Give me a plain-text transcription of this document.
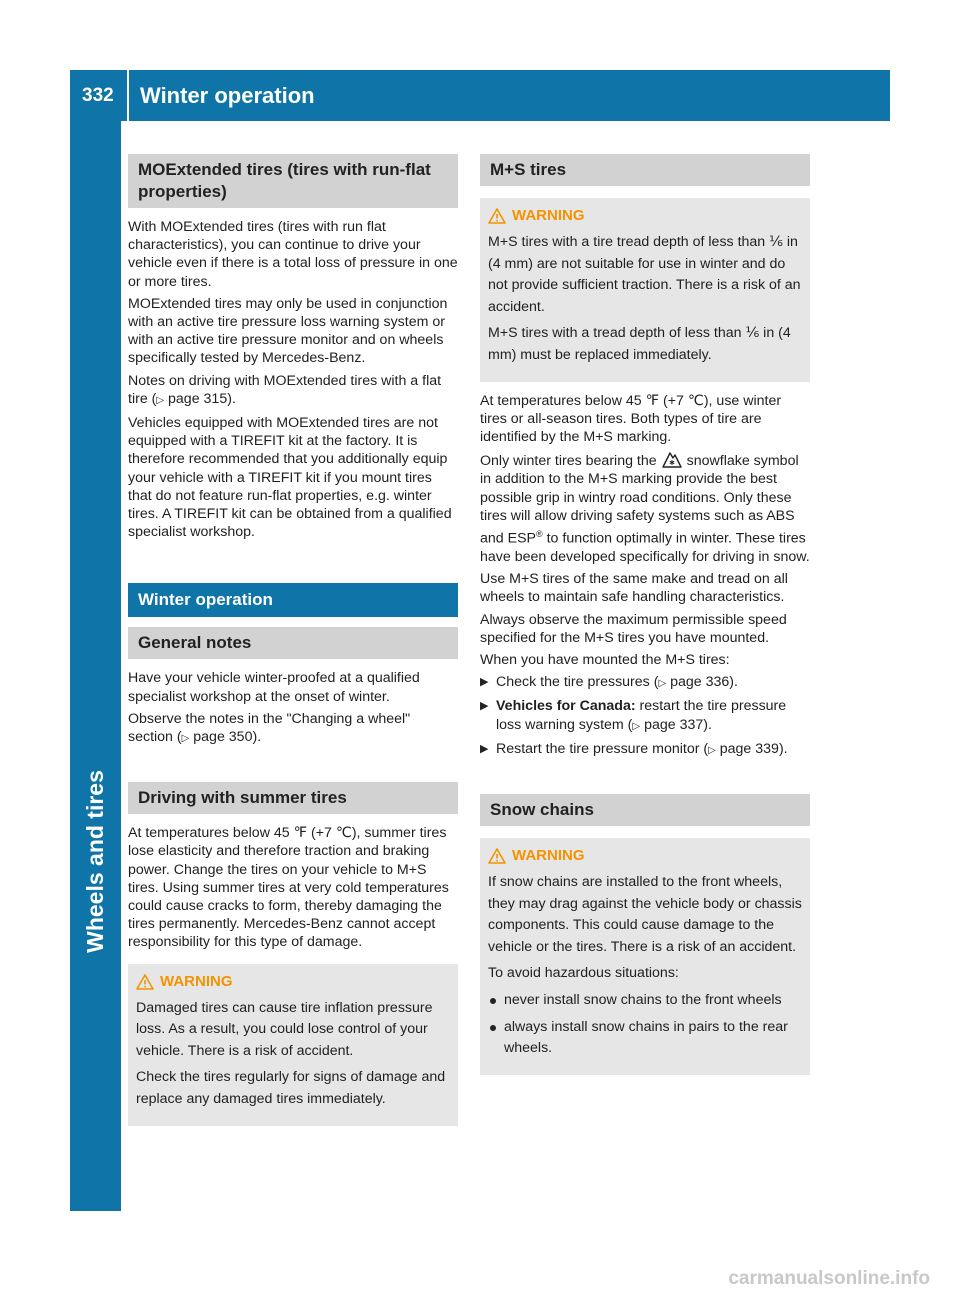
332 Winter operation
Wheels and tires
MOExtended tires (tires with run-flat properties)

With MOExtended tires (tires with run flat characteristics), you can continue to drive your vehicle even if there is a total loss of pressure in one or more tires.

MOExtended tires may only be used in conjunction with an active tire pressure loss warning system or with an active tire pressure monitor and on wheels specifically tested by Mercedes-Benz.

Notes on driving with MOExtended tires with a flat tire (▷ page 315).

Vehicles equipped with MOExtended tires are not equipped with a TIREFIT kit at the factory. It is therefore recommended that you additionally equip your vehicle with a TIREFIT kit if you mount tires that do not feature run-flat properties, e.g. winter tires. A TIREFIT kit can be obtained from a qualified specialist workshop.

Winter operation
General notes

Have your vehicle winter-proofed at a qualified specialist workshop at the onset of winter.

Observe the notes in the "Changing a wheel" section (▷ page 350).

Driving with summer tires

At temperatures below 45 ℉ (+7 ℃), summer tires lose elasticity and therefore traction and braking power. Change the tires on your vehicle to M+S tires. Using summer tires at very cold temperatures could cause cracks to form, thereby damaging the tires permanently. Mercedes-Benz cannot accept responsibility for this type of damage.

WARNING

Damaged tires can cause tire inflation pressure loss. As a result, you could lose control of your vehicle. There is a risk of accident.

Check the tires regularly for signs of damage and replace any damaged tires immediately.

M+S tires
WARNING

M+S tires with a tire tread depth of less than ⅙ in (4 mm) are not suitable for use in winter and do not provide sufficient traction. There is a risk of an accident.

M+S tires with a tread depth of less than ⅙ in (4 mm) must be replaced immediately.

At temperatures below 45 ℉ (+7 ℃), use winter tires or all-season tires. Both types of tire are identified by the M+S marking.

Only winter tires bearing the snowflake symbol in addition to the M+S marking provide the best possible grip in wintry road conditions. Only these tires will allow driving safety systems such as ABS and ESP® to function optimally in winter. These tires have been developed specifically for driving in snow.

Use M+S tires of the same make and tread on all wheels to maintain safe handling characteristics.

Always observe the maximum permissible speed specified for the M+S tires you have mounted.

When you have mounted the M+S tires:

▶ Check the tire pressures (▷ page 336).
▶ Vehicles for Canada: restart the tire pressure loss warning system (▷ page 337).
▶ Restart the tire pressure monitor (▷ page 339).
Snow chains
WARNING

If snow chains are installed to the front wheels, they may drag against the vehicle body or chassis components. This could cause damage to the vehicle or the tires. There is a risk of an accident.

To avoid hazardous situations:

never install snow chains to the front wheels
always install snow chains in pairs to the rear wheels.
carmanualsonline.info
